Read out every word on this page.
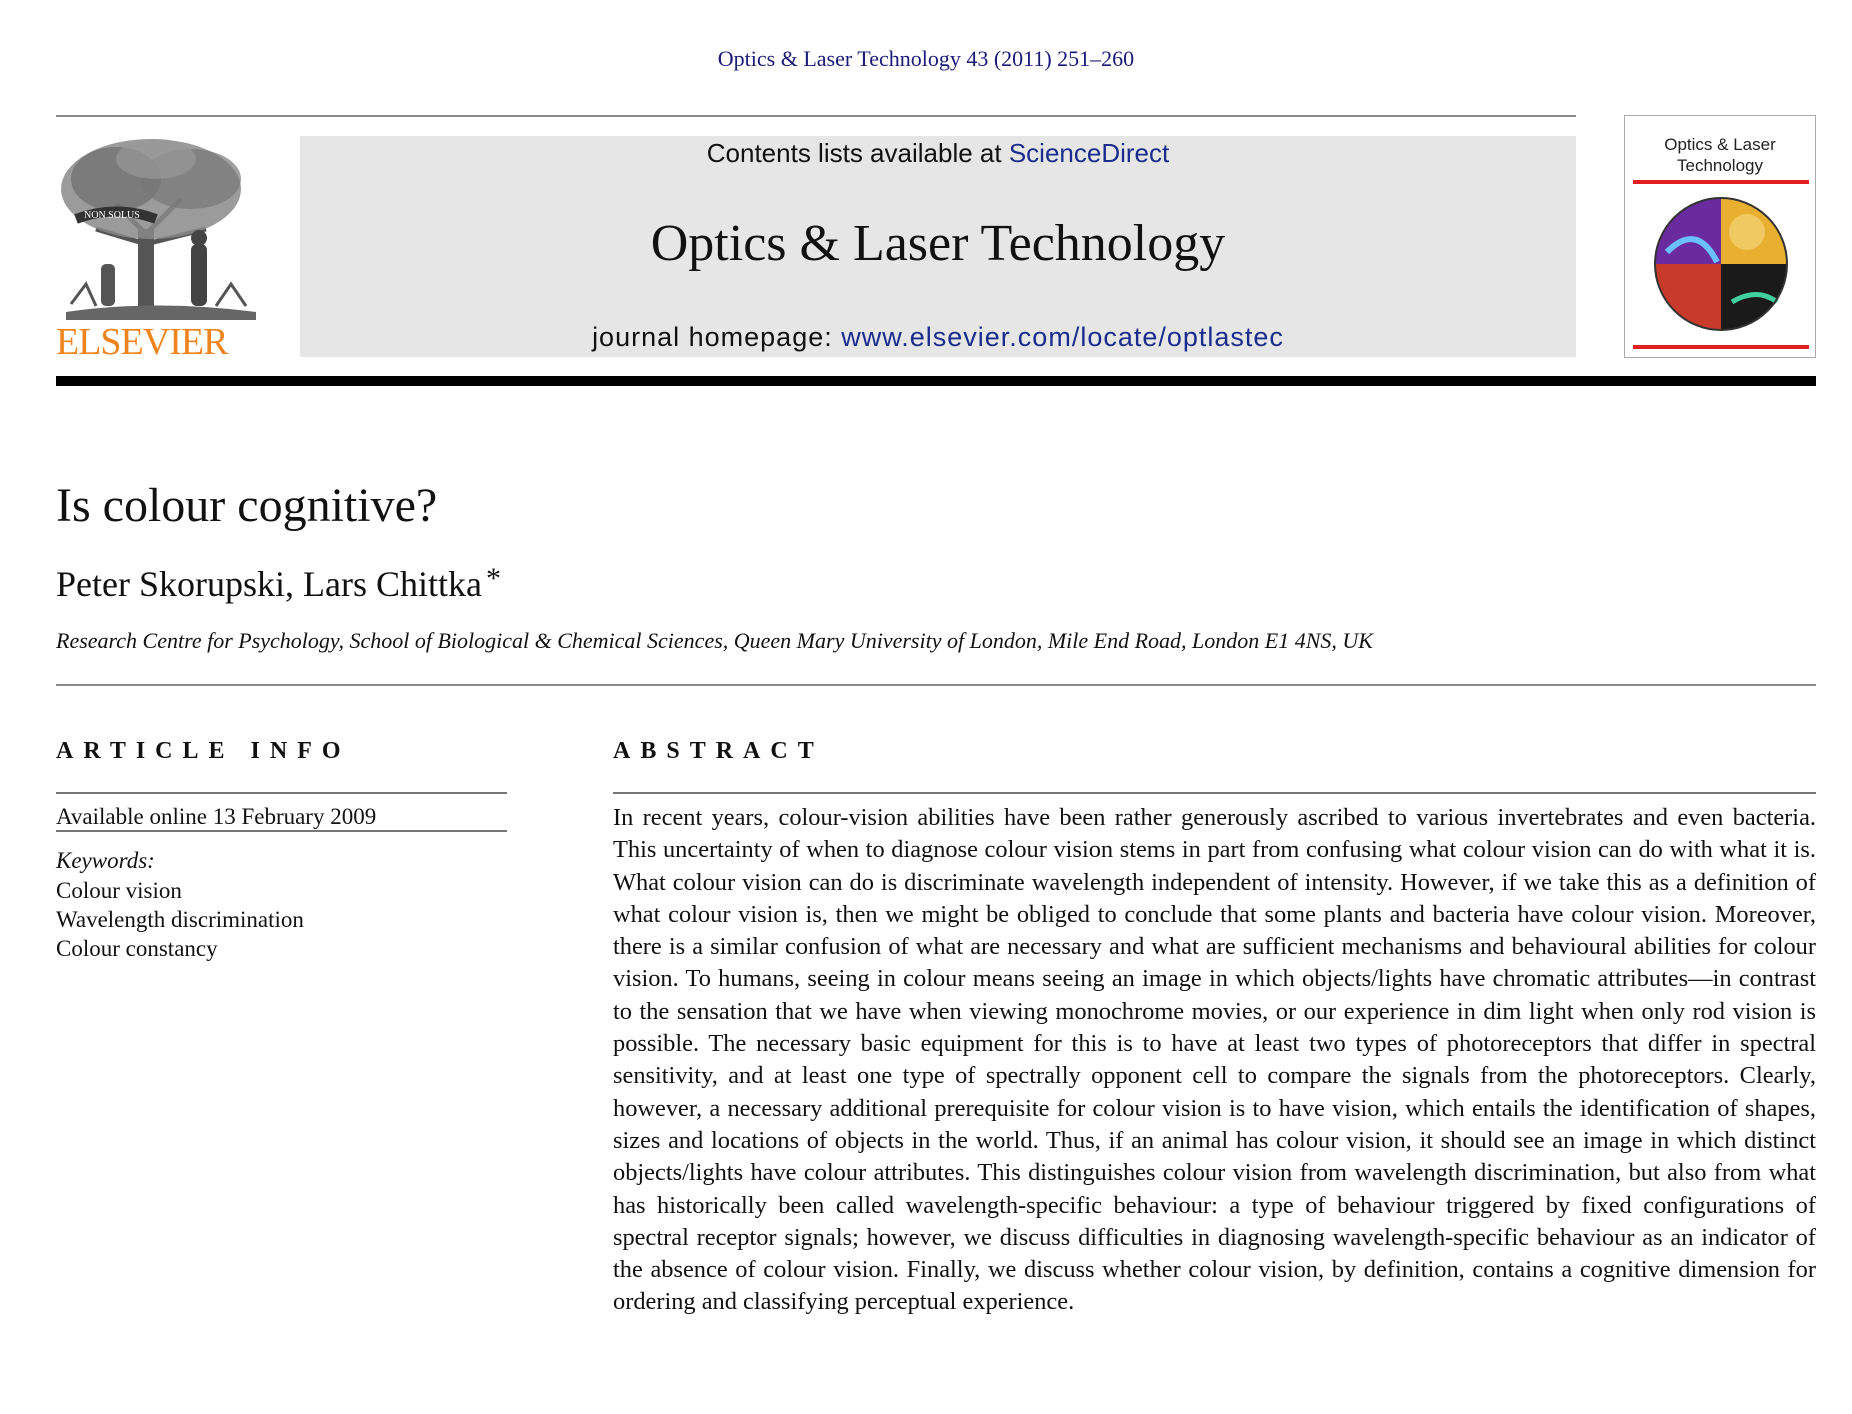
Optics & Laser Technology 43 (2011) 251–260
NON SOLUS
ELSEVIER
Contents lists available at ScienceDirect
Optics & Laser Technology
journal homepage: www.elsevier.com/locate/optlastec
Optics & Laser Technology
Is colour cognitive?
Peter Skorupski, Lars Chittka *
Research Centre for Psychology, School of Biological & Chemical Sciences, Queen Mary University of London, Mile End Road, London E1 4NS, UK
ARTICLE INFO
Available online 13 February 2009
Keywords:
Colour vision
Wavelength discrimination
Colour constancy
ABSTRACT

In recent years, colour-vision abilities have been rather generously ascribed to various invertebrates and even bacteria. This uncertainty of when to diagnose colour vision stems in part from confusing what colour vision can do with what it is. What colour vision can do is discriminate wavelength independent of intensity. However, if we take this as a definition of what colour vision is, then we might be obliged to conclude that some plants and bacteria have colour vision. Moreover, there is a similar confusion of what are necessary and what are sufficient mechanisms and behavioural abilities for colour vision. To humans, seeing in colour means seeing an image in which objects/lights have chromatic attributes—in contrast to the sensation that we have when viewing monochrome movies, or our experience in dim light when only rod vision is possible. The necessary basic equipment for this is to have at least two types of photoreceptors that differ in spectral sensitivity, and at least one type of spectrally opponent cell to compare the signals from the photoreceptors. Clearly, however, a necessary additional prerequisite for colour vision is to have vision, which entails the identification of shapes, sizes and locations of objects in the world. Thus, if an animal has colour vision, it should see an image in which distinct objects/lights have colour attributes. This distinguishes colour vision from wavelength discrimination, but also from what has historically been called wavelength-specific behaviour: a type of behaviour triggered by fixed configurations of spectral receptor signals; however, we discuss difficulties in diagnosing wavelength-specific behaviour as an indicator of the absence of colour vision. Finally, we discuss whether colour vision, by definition, contains a cognitive dimension for ordering and classifying perceptual experience.
